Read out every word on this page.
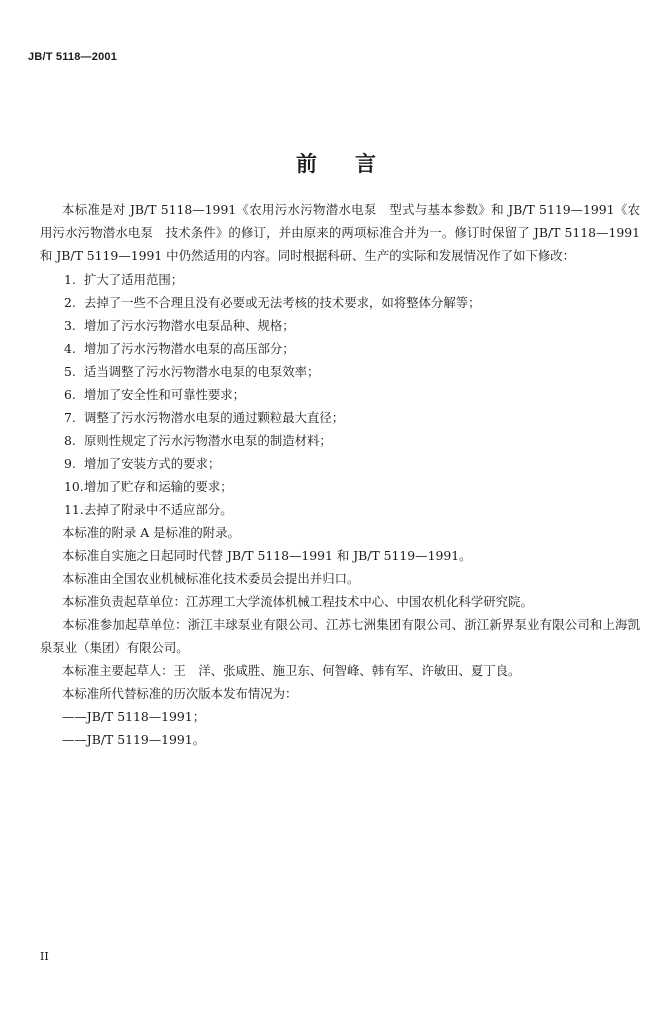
JB/T 5118—2001
前言
本标准是对 JB/T 5118—1991《农用污水污物潜水电泵　型式与基本参数》和 JB/T 5119—1991《农用污水污物潜水电泵　技术条件》的修订，并由原来的两项标准合并为一。修订时保留了 JB/T 5118—1991 和 JB/T 5119—1991 中仍然适用的内容。同时根据科研、生产的实际和发展情况作了如下修改：
1. 扩大了适用范围；
2. 去掉了一些不合理且没有必要或无法考核的技术要求，如将整体分解等；
3. 增加了污水污物潜水电泵品种、规格；
4. 增加了污水污物潜水电泵的高压部分；
5. 适当调整了污水污物潜水电泵的电泵效率；
6. 增加了安全性和可靠性要求；
7. 调整了污水污物潜水电泵的通过颗粒最大直径；
8. 原则性规定了污水污物潜水电泵的制造材料；
9. 增加了安装方式的要求；
10.增加了贮存和运输的要求；
11.去掉了附录中不适应部分。
本标准的附录 A 是标准的附录。
本标准自实施之日起同时代替 JB/T 5118—1991 和 JB/T 5119—1991。
本标准由全国农业机械标准化技术委员会提出并归口。
本标准负责起草单位：江苏理工大学流体机械工程技术中心、中国农机化科学研究院。
本标准参加起草单位：浙江丰球泵业有限公司、江苏七洲集团有限公司、浙江新界泵业有限公司和上海凯泉泵业（集团）有限公司。
本标准主要起草人：王　洋、张咸胜、施卫东、何智峰、韩有军、许敏田、夏丁良。
本标准所代替标准的历次版本发布情况为：
——JB/T 5118—1991；
——JB/T 5119—1991。
II
